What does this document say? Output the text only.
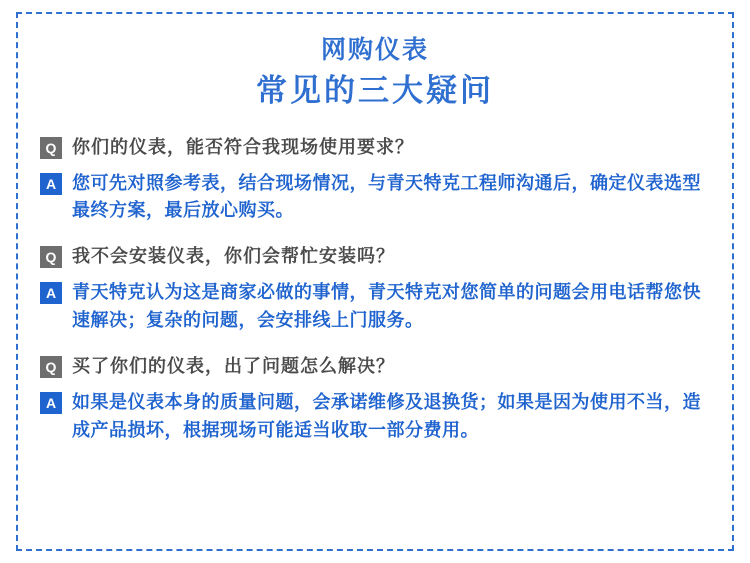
网购仪表
常见的三大疑问
Q 你们的仪表，能否符合我现场使用要求？
A 您可先对照参考表，结合现场情况，与青天特克工程师沟通后，确定仪表选型最终方案，最后放心购买。
Q 我不会安装仪表，你们会帮忙安装吗？
A 青天特克认为这是商家必做的事情，青天特克对您简单的问题会用电话帮您快速解决；复杂的问题，会安排线上门服务。
Q 买了你们的仪表，出了问题怎么解决？
A 如果是仪表本身的质量问题，会承诺维修及退换货；如果是因为使用不当，造成产品损坏，根据现场可能适当收取一部分费用。
